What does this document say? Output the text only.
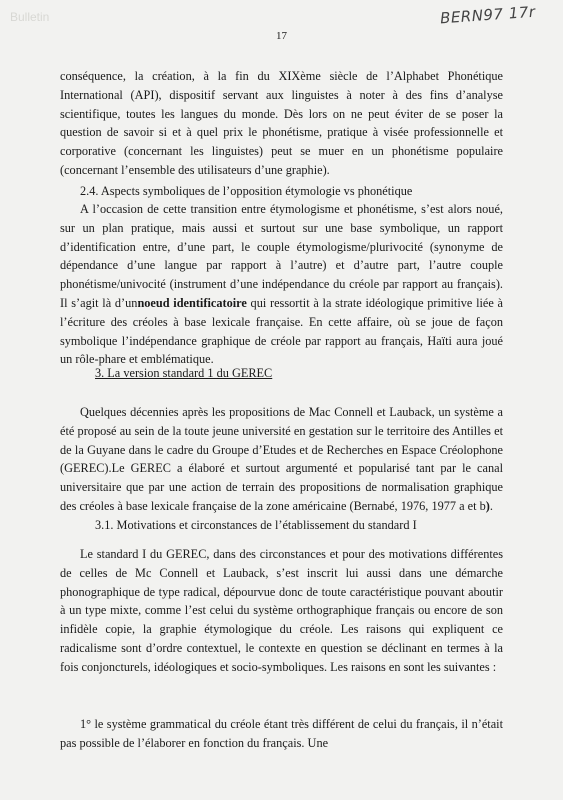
Bulletin	BERN97 17r
17

conséquence, la création, à la fin du XIXème siècle de l’Alphabet Phonétique International (API), dispositif servant aux linguistes à noter à des fins d’analyse scientifique, toutes les langues du monde. Dès lors on ne peut éviter de se poser la question de savoir si et à quel prix le phonétisme, pratique à visée professionnelle et corporative (concernant les linguistes) peut se muer en un phonétisme populaire (concernant l’ensemble des utilisateurs d’une graphie).

2.4. Aspects symboliques de l’opposition étymologie vs phonétique

A l’occasion de cette transition entre étymologisme et phonétisme, s’est alors noué, sur un plan pratique, mais aussi et surtout sur une base symbolique, un rapport d’identification entre, d’une part, le couple étymologisme/plurivocité (synonyme de dépendance d’une langue par rapport à l’autre) et d’autre part, l’autre couple phonétisme/univocité (instrument d’une indépendance du créole par rapport au français). Il s’agit là d’unnoeud identificatoire qui ressortit à la strate idéologique primitive liée à l’écriture des créoles à base lexicale française. En cette affaire, où se joue de façon symbolique l’indépendance graphique de créole par rapport au français, Haïti aura joué un rôle-phare et emblématique.

3. La version standard 1 du GEREC

Quelques décennies après les propositions de Mac Connell et Lauback, un système a été proposé au sein de la toute jeune université en gestation sur le territoire des Antilles et de la Guyane dans le cadre du Groupe d’Etudes et de Recherches en Espace Créolophone (GEREC).Le GEREC a élaboré et surtout argumenté et popularisé tant par le canal universitaire que par une action de terrain des propositions de normalisation graphique des créoles à base lexicale française de la zone américaine (Bernabé, 1976, 1977 a et b).

3.1. Motivations et circonstances de l’établissement du standard I

Le standard I du GEREC, dans des circonstances et pour des motivations différentes de celles de Mc Connell et Lauback, s’est inscrit lui aussi dans une démarche phonographique de type radical, dépourvue donc de toute caractéristique pouvant aboutir à un type mixte, comme l’est celui du système orthographique français ou encore de son infidèle copie, la graphie étymologique du créole. Les raisons qui expliquent ce radicalisme sont d’ordre contextuel, le contexte en question se déclinant en termes à la fois conjoncturels, idéologiques et socio-symboliques. Les raisons en sont les suivantes :

1° le système grammatical du créole étant très différent de celui du français, il n’était pas possible de l’élaborer en fonction du français. Une
